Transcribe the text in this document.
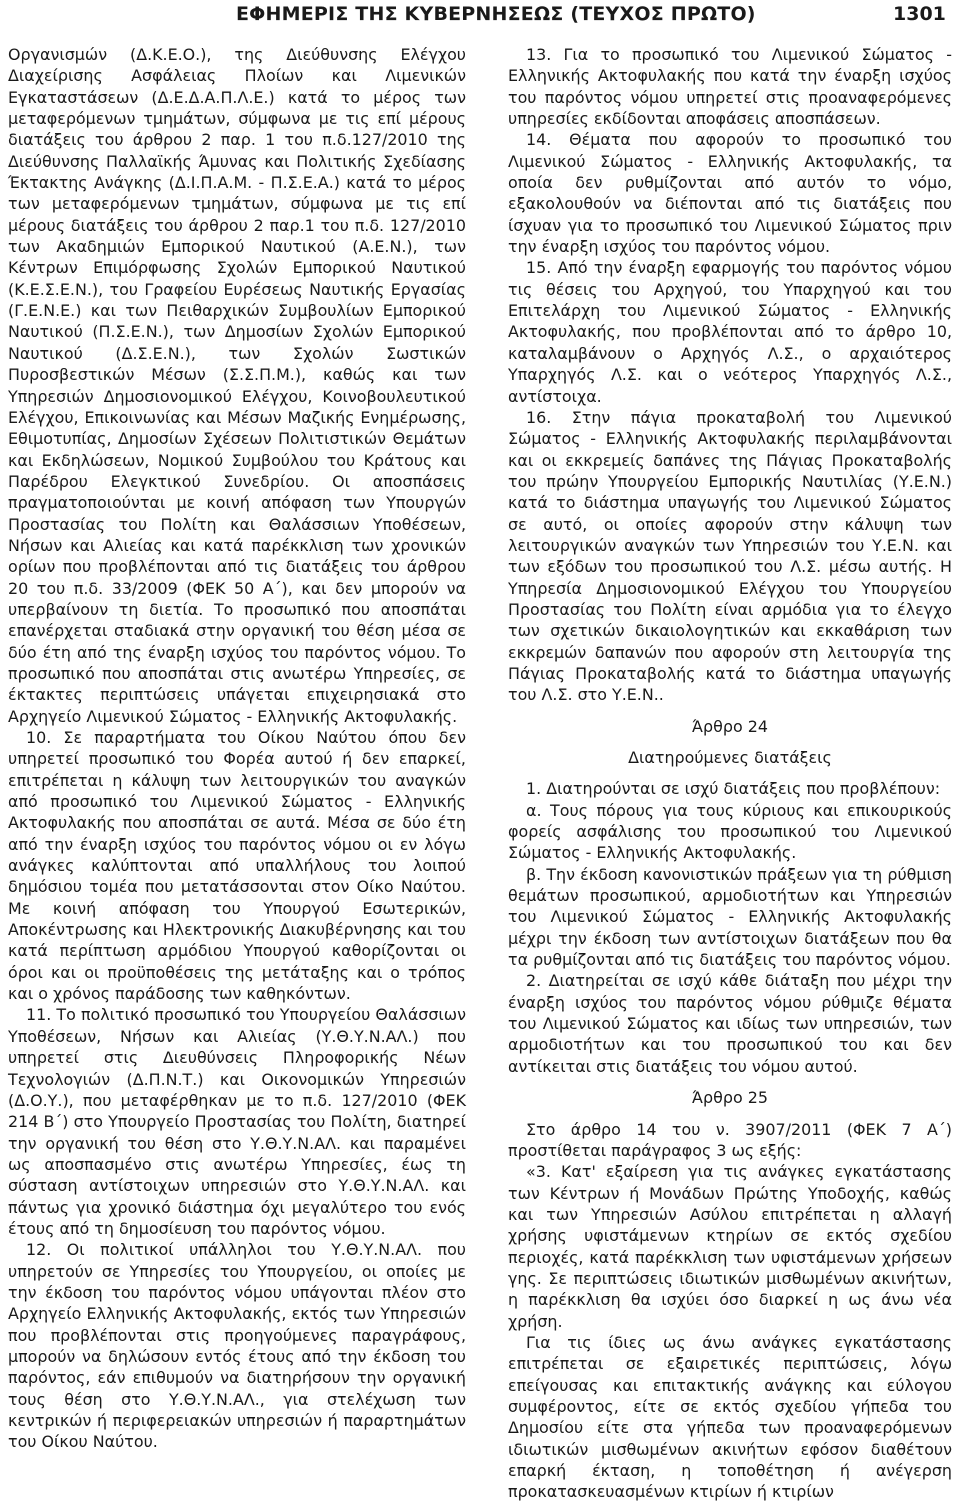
ΕΦΗΜΕΡΙΣ ΤΗΣ ΚΥΒΕΡΝΗΣΕΩΣ (ΤΕΥΧΟΣ ΠΡΩΤΟ)	1301

Οργανισμών (Δ.Κ.Ε.Ο.), της Διεύθυνσης Ελέγχου Διαχείρισης Ασφάλειας Πλοίων και Λιμενικών Εγκαταστάσεων (Δ.Ε.Δ.Α.Π.Λ.Ε.) κατά το μέρος των μεταφερόμενων τμημάτων, σύμφωνα με τις επί μέρους διατάξεις του άρθρου 2 παρ. 1 του π.δ.127/2010 της Διεύθυνσης Παλλαϊκής Άμυνας και Πολιτικής Σχεδίασης Έκτακτης Ανάγκης (Δ.Ι.Π.Α.Μ. - Π.Σ.Ε.Α.) κατά το μέρος των μεταφερόμενων τμημάτων, σύμφωνα με τις επί μέρους διατάξεις του άρθρου 2 παρ.1 του π.δ. 127/2010 των Ακαδημιών Εμπορικού Ναυτικού (Α.Ε.Ν.), των Κέντρων Επιμόρφωσης Σχολών Εμπορικού Ναυτικού (Κ.Ε.Σ.Ε.Ν.), του Γραφείου Ευρέσεως Ναυτικής Εργασίας (Γ.Ε.Ν.Ε.) και των Πειθαρχικών Συμβουλίων Εμπορικού Ναυτικού (Π.Σ.Ε.Ν.), των Δημοσίων Σχολών Εμπορικού Ναυτικού (Δ.Σ.Ε.Ν.), των Σχολών Σωστικών Πυροσβεστικών Μέσων (Σ.Σ.Π.Μ.), καθώς και των Υπηρεσιών Δημοσιονομικού Ελέγχου, Κοινοβουλευτικού Ελέγχου, Επικοινωνίας και Μέσων Μαζικής Ενημέρωσης, Εθιμοτυπίας, Δημοσίων Σχέσεων Πολιτιστικών Θεμάτων και Εκδηλώσεων, Νομικού Συμβούλου του Κράτους και Παρέδρου Ελεγκτικού Συνεδρίου. Οι αποσπάσεις πραγματοποιούνται με κοινή απόφαση των Υπουργών Προστασίας του Πολίτη και Θαλάσσιων Υποθέσεων, Νήσων και Αλιείας και κατά παρέκκλιση των χρονικών ορίων που προβλέπονται από τις διατάξεις του άρθρου 20 του π.δ. 33/2009 (ΦΕΚ 50 Α΄), και δεν μπορούν να υπερβαίνουν τη διετία. Το προσωπικό που αποσπάται επανέρχεται σταδιακά στην οργανική του θέση μέσα σε δύο έτη από της έναρξη ισχύος του παρόντος νόμου. Το προσωπικό που αποσπάται στις ανωτέρω Υπηρεσίες, σε έκτακτες περιπτώσεις υπάγεται επιχειρησιακά στο Αρχηγείο Λιμενικού Σώματος - Ελληνικής Ακτοφυλακής.

10. Σε παραρτήματα του Οίκου Ναύτου όπου δεν υπηρετεί προσωπικό του Φορέα αυτού ή δεν επαρκεί, επιτρέπεται η κάλυψη των λειτουργικών του αναγκών από προσωπικό του Λιμενικού Σώματος - Ελληνικής Ακτοφυλακής που αποσπάται σε αυτά. Μέσα σε δύο έτη από την έναρξη ισχύος του παρόντος νόμου οι εν λόγω ανάγκες καλύπτονται από υπαλλήλους του λοιπού δημόσιου τομέα που μετατάσσονται στον Οίκο Ναύτου. Με κοινή απόφαση του Υπουργού Εσωτερικών, Αποκέντρωσης και Ηλεκτρονικής Διακυβέρνησης και του κατά περίπτωση αρμόδιου Υπουργού καθορίζονται οι όροι και οι προϋποθέσεις της μετάταξης και ο τρόπος και ο χρόνος παράδοσης των καθηκόντων.

11. Το πολιτικό προσωπικό του Υπουργείου Θαλάσσιων Υποθέσεων, Νήσων και Αλιείας (Υ.Θ.Υ.Ν.ΑΛ.) που υπηρετεί στις Διευθύνσεις Πληροφορικής Νέων Τεχνολογιών (Δ.Π.Ν.Τ.) και Οικονομικών Υπηρεσιών (Δ.Ο.Υ.), που μεταφέρθηκαν με το π.δ. 127/2010 (ΦΕΚ 214 Β΄) στο Υπουργείο Προστασίας του Πολίτη, διατηρεί την οργανική του θέση στο Υ.Θ.Υ.Ν.ΑΛ. και παραμένει ως αποσπασμένο στις ανωτέρω Υπηρεσίες, έως τη σύσταση αντίστοιχων υπηρεσιών στο Υ.Θ.Υ.Ν.ΑΛ. και πάντως για χρονικό διάστημα όχι μεγαλύτερο του ενός έτους από τη δημοσίευση του παρόντος νόμου.

12. Οι πολιτικοί υπάλληλοι του Υ.Θ.Υ.Ν.ΑΛ. που υπηρετούν σε Υπηρεσίες του Υπουργείου, οι οποίες με την έκδοση του παρόντος νόμου υπάγονται πλέον στο Αρχηγείο Ελληνικής Ακτοφυλακής, εκτός των Υπηρεσιών που προβλέπονται στις προηγούμενες παραγράφους, μπορούν να δηλώσουν εντός έτους από την έκδοση του παρόντος, εάν επιθυμούν να διατηρήσουν την οργανική τους θέση στο Υ.Θ.Υ.Ν.ΑΛ., για στελέχωση των κεντρικών ή περιφερειακών υπηρεσιών ή παραρτημάτων του Οίκου Ναύτου.

13. Για το προσωπικό του Λιμενικού Σώματος - Ελληνικής Ακτοφυλακής που κατά την έναρξη ισχύος του παρόντος νόμου υπηρετεί στις προαναφερόμενες υπηρεσίες εκδίδονται αποφάσεις αποσπάσεων.

14. Θέματα που αφορούν το προσωπικό του Λιμενικού Σώματος - Ελληνικής Ακτοφυλακής, τα οποία δεν ρυθμίζονται από αυτόν το νόμο, εξακολουθούν να διέπονται από τις διατάξεις που ίσχυαν για το προσωπικό του Λιμενικού Σώματος πριν την έναρξη ισχύος του παρόντος νόμου.

15. Από την έναρξη εφαρμογής του παρόντος νόμου τις θέσεις του Αρχηγού, του Υπαρχηγού και του Επιτελάρχη του Λιμενικού Σώματος - Ελληνικής Ακτοφυλακής, που προβλέπονται από το άρθρο 10, καταλαμβάνουν ο Αρχηγός Λ.Σ., ο αρχαιότερος Υπαρχηγός Λ.Σ. και ο νεότερος Υπαρχηγός Λ.Σ., αντίστοιχα.

16. Στην πάγια προκαταβολή του Λιμενικού Σώματος - Ελληνικής Ακτοφυλακής περιλαμβάνονται και οι εκκρεμείς δαπάνες της Πάγιας Προκαταβολής του πρώην Υπουργείου Εμπορικής Ναυτιλίας (Υ.Ε.Ν.) κατά το διάστημα υπαγωγής του Λιμενικού Σώματος σε αυτό, οι οποίες αφορούν στην κάλυψη των λειτουργικών αναγκών των Υπηρεσιών του Υ.Ε.Ν. και των εξόδων του προσωπικού του Λ.Σ. μέσω αυτής. Η Υπηρεσία Δημοσιονομικού Ελέγχου του Υπουργείου Προστασίας του Πολίτη είναι αρμόδια για το έλεγχο των σχετικών δικαιολογητικών και εκκαθάριση των εκκρεμών δαπανών που αφορούν στη λειτουργία της Πάγιας Προκαταβολής κατά το διάστημα υπαγωγής του Λ.Σ. στο Υ.Ε.Ν..

Άρθρο 24

Διατηρούμενες διατάξεις

1. Διατηρούνται σε ισχύ διατάξεις που προβλέπουν:

α. Τους πόρους για τους κύριους και επικουρικούς φορείς ασφάλισης του προσωπικού του Λιμενικού Σώματος - Ελληνικής Ακτοφυλακής.

β. Την έκδοση κανονιστικών πράξεων για τη ρύθμιση θεμάτων προσωπικού, αρμοδιοτήτων και Υπηρεσιών του Λιμενικού Σώματος - Ελληνικής Ακτοφυλακής μέχρι την έκδοση των αντίστοιχων διατάξεων που θα τα ρυθμίζονται από τις διατάξεις του παρόντος νόμου.

2. Διατηρείται σε ισχύ κάθε διάταξη που μέχρι την έναρξη ισχύος του παρόντος νόμου ρύθμιζε θέματα του Λιμενικού Σώματος και ιδίως των υπηρεσιών, των αρμοδιοτήτων και του προσωπικού του και δεν αντίκειται στις διατάξεις του νόμου αυτού.

Άρθρο 25

Στο άρθρο 14 του ν. 3907/2011 (ΦΕΚ 7 Α΄) προστίθεται παράγραφος 3 ως εξής:

«3. Κατ' εξαίρεση για τις ανάγκες εγκατάστασης των Κέντρων ή Μονάδων Πρώτης Υποδοχής, καθώς και των Υπηρεσιών Ασύλου επιτρέπεται η αλλαγή χρήσης υφιστάμενων κτηρίων σε εκτός σχεδίου περιοχές, κατά παρέκκλιση των υφιστάμενων χρήσεων γης. Σε περιπτώσεις ιδιωτικών μισθωμένων ακινήτων, η παρέκκλιση θα ισχύει όσο διαρκεί η ως άνω νέα χρήση.

Για τις ίδιες ως άνω ανάγκες εγκατάστασης επιτρέπεται σε εξαιρετικές περιπτώσεις, λόγω επείγουσας και επιτακτικής ανάγκης και εύλογου συμφέροντος, είτε σε εκτός σχεδίου γήπεδα του Δημοσίου είτε στα γήπεδα των προαναφερόμενων ιδιωτικών μισθωμένων ακινήτων εφόσον διαθέτουν επαρκή έκταση, η τοποθέτηση ή ανέγερση προκατασκευασμένων κτιρίων ή κτιρίων
